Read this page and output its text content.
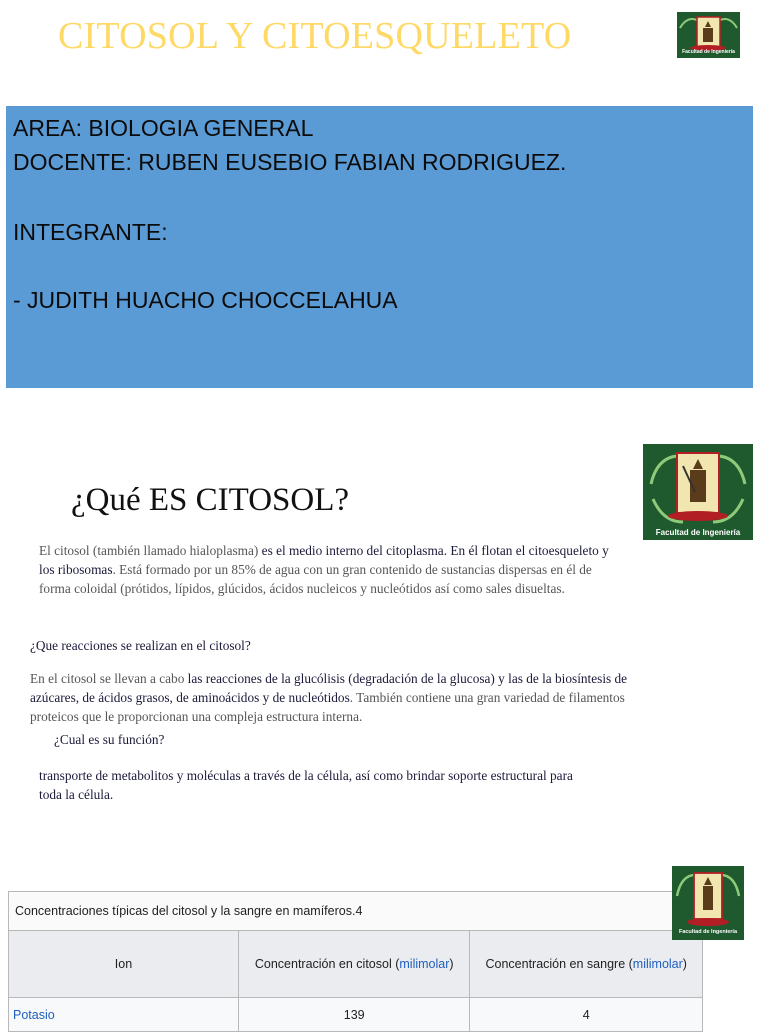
CITOSOL Y CITOESQUELETO	Facultad de Ingeniería
AREA: BIOLOGIA GENERAL
DOCENTE: RUBEN EUSEBIO FABIAN RODRIGUEZ.
INTEGRANTE:
- JUDITH HUACHO CHOCCELAHUA
Facultad de Ingeniería
¿Qué ES CITOSOL?
El citosol (también llamado hialoplasma) es el medio interno del citoplasma. En él flotan el citoesqueleto y
los ribosomas. Está formado por un 85% de agua con un gran contenido de sustancias dispersas en él de
forma coloidal (prótidos, lípidos, glúcidos, ácidos nucleicos y nucleótidos así como sales disueltas.
¿Que reacciones se realizan en el citosol?
En el citosol se llevan a cabo las reacciones de la glucólisis (degradación de la glucosa) y las de la biosíntesis de
azúcares, de ácidos grasos, de aminoácidos y de nucleótidos. También contiene una gran variedad de filamentos
proteicos que le proporcionan una compleja estructura interna.
¿Cual es su función?
transporte de metabolitos y moléculas a través de la célula, así como brindar soporte estructural para
toda la célula.
Concentraciones típicas del citosol y la sangre en mamíferos.4		
Ion	Concentración en citosol (milimolar)	Concentración en sangre (milimolar)
Potasio	139	4
Facultad de Ingeniería
